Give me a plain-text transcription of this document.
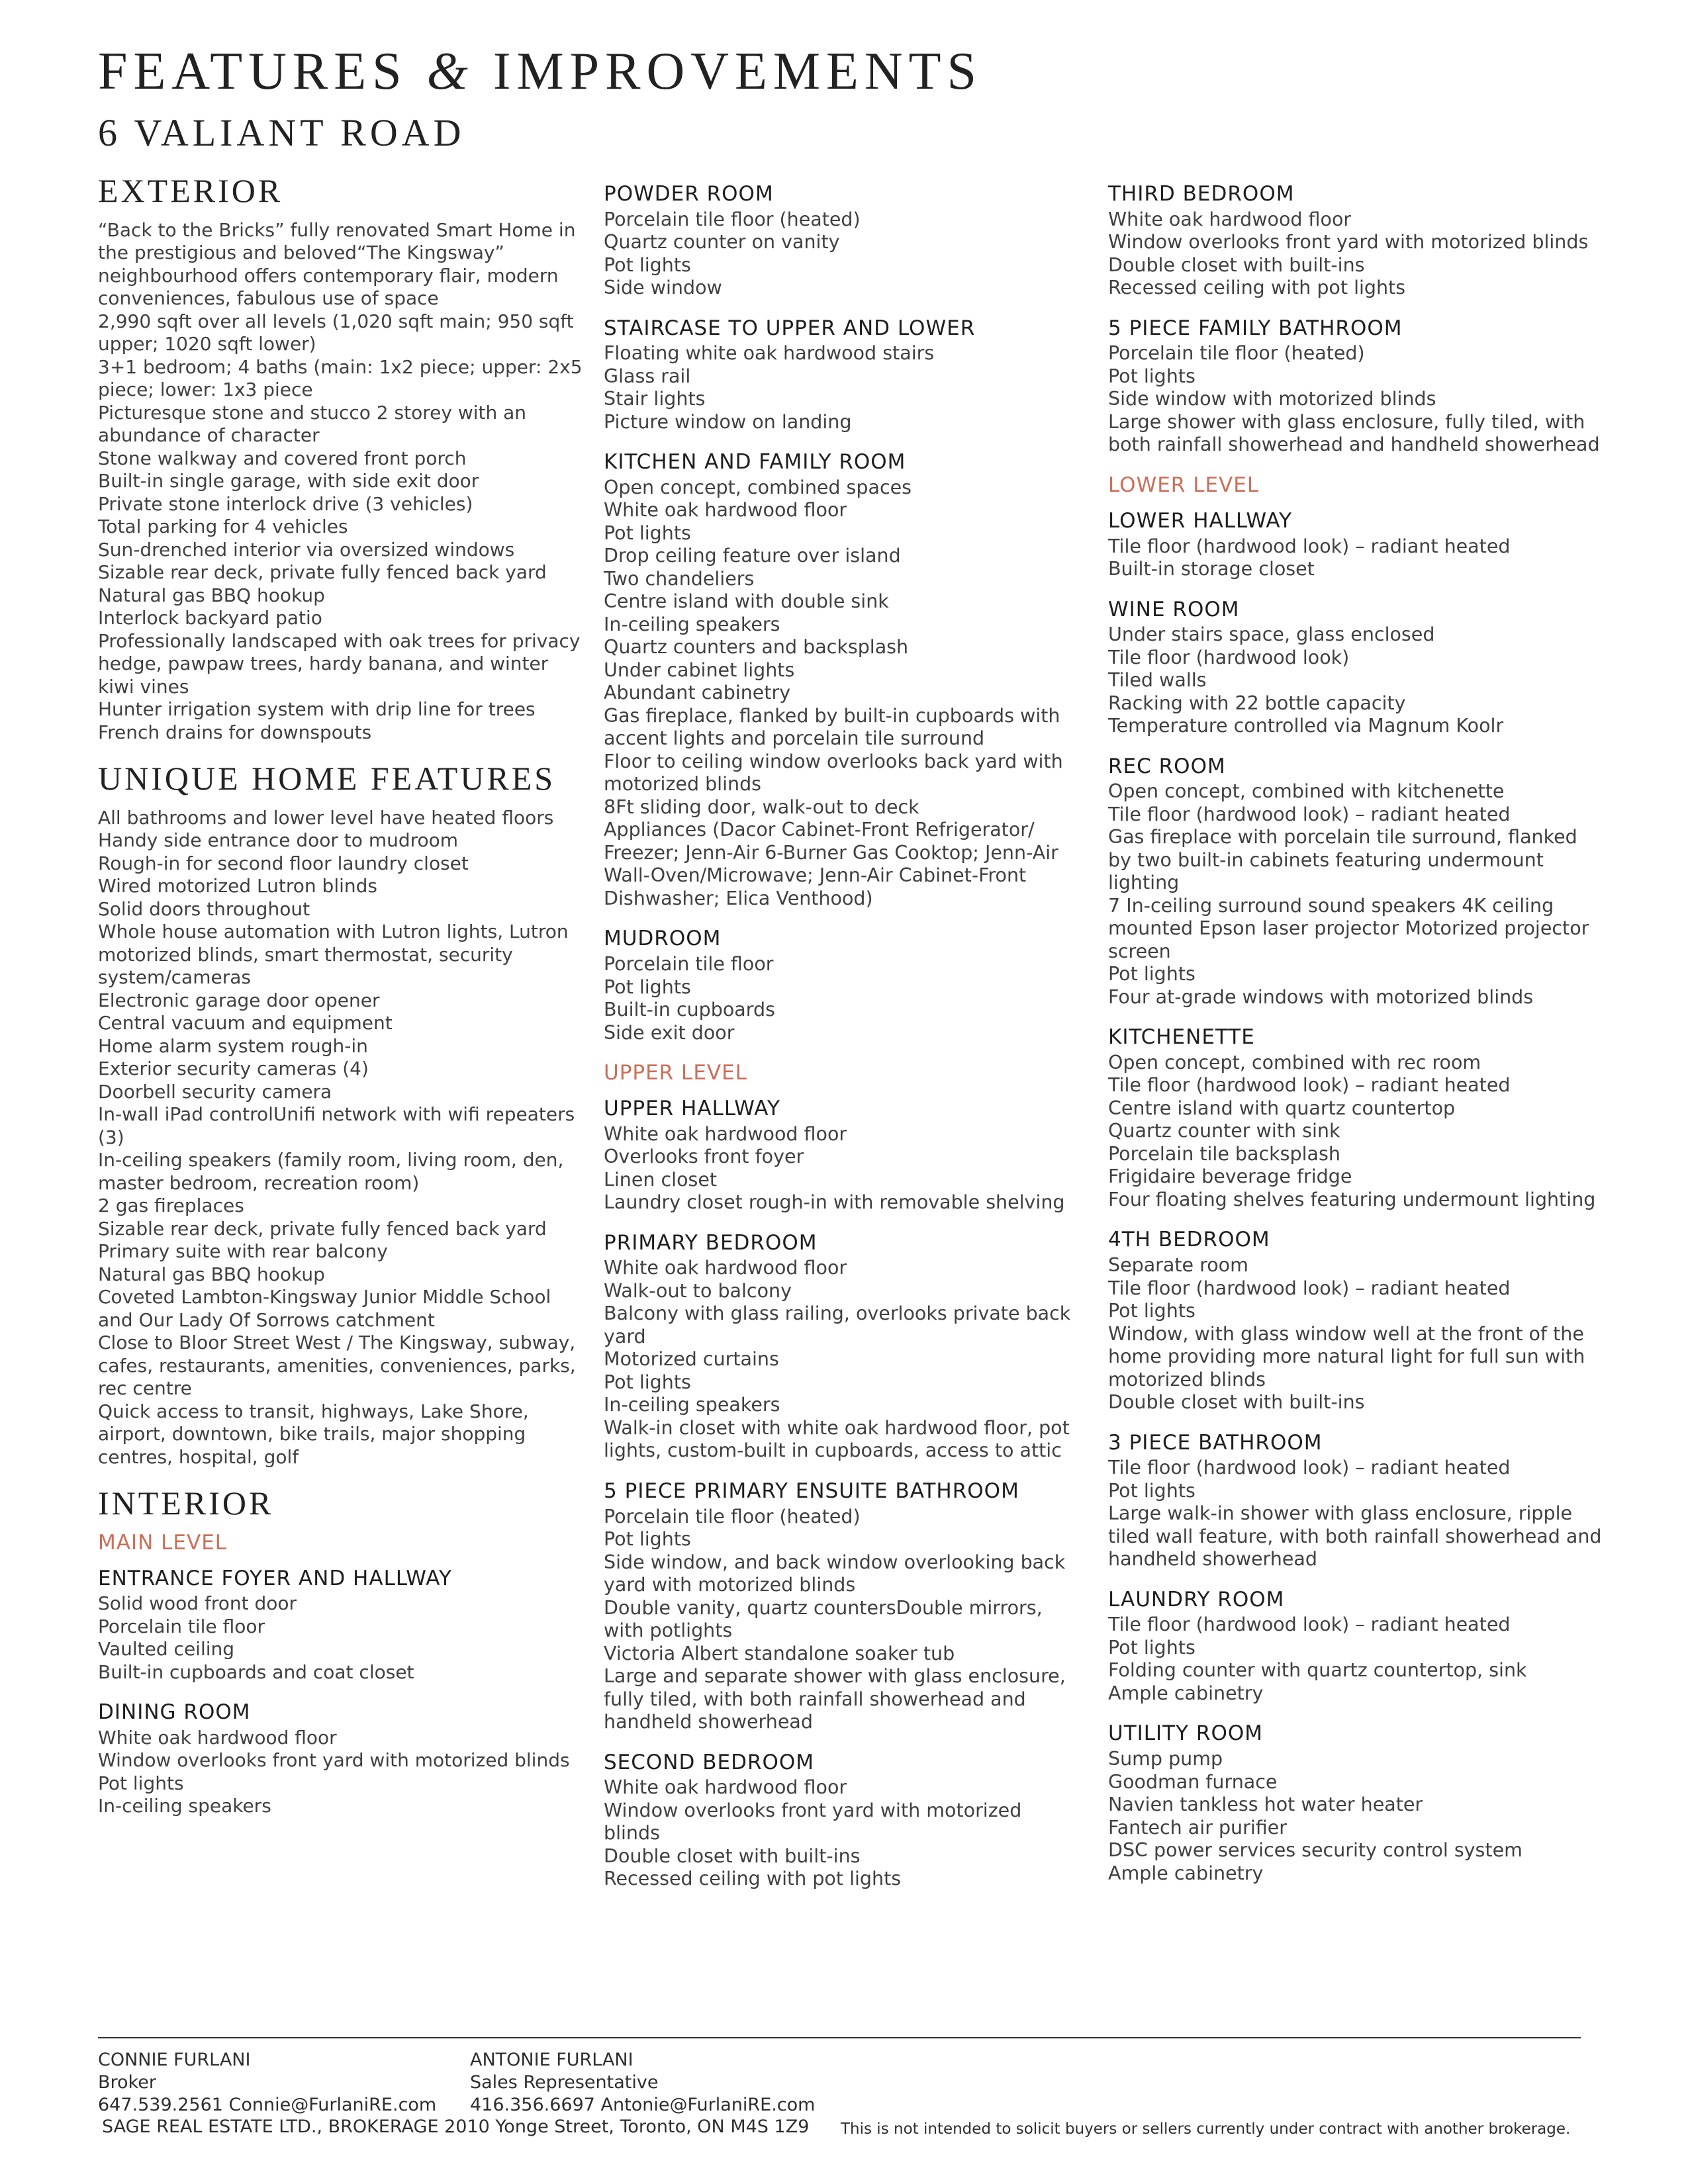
FEATURES & IMPROVEMENTS
6 VALIANT ROAD
EXTERIOR
“Back to the Bricks” fully renovated Smart Home in the prestigious and beloved“The Kingsway” neighbourhood offers contemporary flair, modern conveniences, fabulous use of space
2,990 sqft over all levels (1,020 sqft main; 950 sqft upper; 1020 sqft lower)
3+1 bedroom; 4 baths (main: 1x2 piece; upper: 2x5 piece; lower: 1x3 piece
Picturesque stone and stucco 2 storey with an abundance of character
Stone walkway and covered front porch
Built-in single garage, with side exit door
Private stone interlock drive (3 vehicles)
Total parking for 4 vehicles
Sun-drenched interior via oversized windows
Sizable rear deck, private fully fenced back yard
Natural gas BBQ hookup
Interlock backyard patio
Professionally landscaped with oak trees for privacy hedge, pawpaw trees, hardy banana, and winter kiwi vines
Hunter irrigation system with drip line for trees
French drains for downspouts
UNIQUE HOME FEATURES
All bathrooms and lower level have heated floors
Handy side entrance door to mudroom
Rough-in for second floor laundry closet
Wired motorized Lutron blinds
Solid doors throughout
Whole house automation with Lutron lights, Lutron motorized blinds, smart thermostat, security system/cameras
Electronic garage door opener
Central vacuum and equipment
Home alarm system rough-in
Exterior security cameras (4)
Doorbell security camera
In-wall iPad controlUnifi network with wifi repeaters (3)
In-ceiling speakers (family room, living room, den, master bedroom, recreation room)
2 gas fireplaces
Sizable rear deck, private fully fenced back yard
Primary suite with rear balcony
Natural gas BBQ hookup
Coveted Lambton-Kingsway Junior Middle School and Our Lady Of Sorrows catchment
Close to Bloor Street West / The Kingsway, subway, cafes, restaurants, amenities, conveniences, parks, rec centre
Quick access to transit, highways, Lake Shore, airport, downtown, bike trails, major shopping centres, hospital, golf
INTERIOR
MAIN LEVEL
ENTRANCE FOYER AND HALLWAY
Solid wood front door
Porcelain tile floor
Vaulted ceiling
Built-in cupboards and coat closet
DINING ROOM
White oak hardwood floor
Window overlooks front yard with motorized blinds
Pot lights
In-ceiling speakers
POWDER ROOM
Porcelain tile floor (heated)
Quartz counter on vanity
Pot lights
Side window
STAIRCASE TO UPPER AND LOWER
Floating white oak hardwood stairs
Glass rail
Stair lights
Picture window on landing
KITCHEN AND FAMILY ROOM
Open concept, combined spaces
White oak hardwood floor
Pot lights
Drop ceiling feature over island
Two chandeliers
Centre island with double sink
In-ceiling speakers
Quartz counters and backsplash
Under cabinet lights
Abundant cabinetry
Gas fireplace, flanked by built-in cupboards with accent lights and porcelain tile surround
Floor to ceiling window overlooks back yard with motorized blinds
8Ft sliding door, walk-out to deck
Appliances (Dacor Cabinet-Front Refrigerator/ Freezer; Jenn-Air 6-Burner Gas Cooktop; Jenn-Air Wall-Oven/Microwave; Jenn-Air Cabinet-Front Dishwasher; Elica Venthood)
MUDROOM
Porcelain tile floor
Pot lights
Built-in cupboards
Side exit door
UPPER LEVEL
UPPER HALLWAY
White oak hardwood floor
Overlooks front foyer
Linen closet
Laundry closet rough-in with removable shelving
PRIMARY BEDROOM
White oak hardwood floor
Walk-out to balcony
Balcony with glass railing, overlooks private back yard
Motorized curtains
Pot lights
In-ceiling speakers
Walk-in closet with white oak hardwood floor, pot lights, custom-built in cupboards, access to attic
5 PIECE PRIMARY ENSUITE BATHROOM
Porcelain tile floor (heated)
Pot lights
Side window, and back window overlooking back yard with motorized blinds
Double vanity, quartz countersDouble mirrors, with potlights
Victoria Albert standalone soaker tub
Large and separate shower with glass enclosure, fully tiled, with both rainfall showerhead and handheld showerhead
SECOND BEDROOM
White oak hardwood floor
Window overlooks front yard with motorized blinds
Double closet with built-ins
Recessed ceiling with pot lights
THIRD BEDROOM
White oak hardwood floor
Window overlooks front yard with motorized blinds
Double closet with built-ins
Recessed ceiling with pot lights
5 PIECE FAMILY BATHROOM
Porcelain tile floor (heated)
Pot lights
Side window with motorized blinds
Large shower with glass enclosure, fully tiled, with both rainfall showerhead and handheld showerhead
LOWER LEVEL
LOWER HALLWAY
Tile floor (hardwood look) – radiant heated
Built-in storage closet
WINE ROOM
Under stairs space, glass enclosed
Tile floor (hardwood look)
Tiled walls
Racking with 22 bottle capacity
Temperature controlled via Magnum Koolr
REC ROOM
Open concept, combined with kitchenette
Tile floor (hardwood look) – radiant heated
Gas fireplace with porcelain tile surround, flanked by two built-in cabinets featuring undermount lighting
7 In-ceiling surround sound speakers 4K ceiling mounted Epson laser projector Motorized projector screen
Pot lights
Four at-grade windows with motorized blinds
KITCHENETTE
Open concept, combined with rec room
Tile floor (hardwood look) – radiant heated
Centre island with quartz countertop
Quartz counter with sink
Porcelain tile backsplash
Frigidaire beverage fridge
Four floating shelves featuring undermount lighting
4TH BEDROOM
Separate room
Tile floor (hardwood look) – radiant heated
Pot lights
Window, with glass window well at the front of the home providing more natural light for full sun with motorized blinds
Double closet with built-ins
3 PIECE BATHROOM
Tile floor (hardwood look) – radiant heated
Pot lights
Large walk-in shower with glass enclosure, ripple tiled wall feature, with both rainfall showerhead and handheld showerhead
LAUNDRY ROOM
Tile floor (hardwood look) – radiant heated
Pot lights
Folding counter with quartz countertop, sink
Ample cabinetry
UTILITY ROOM
Sump pump
Goodman furnace
Navien tankless hot water heater
Fantech air purifier
DSC power services security control system
Ample cabinetry
CONNIE FURLANI
Broker
647.539.2561 Connie@FurlaniRE.com
ANTONIE FURLANI
Sales Representative
416.356.6697 Antonie@FurlaniRE.com
SAGE REAL ESTATE LTD., BROKERAGE 2010 Yonge Street, Toronto, ON M4S 1Z9 This is not intended to solicit buyers or sellers currently under contract with another brokerage.
